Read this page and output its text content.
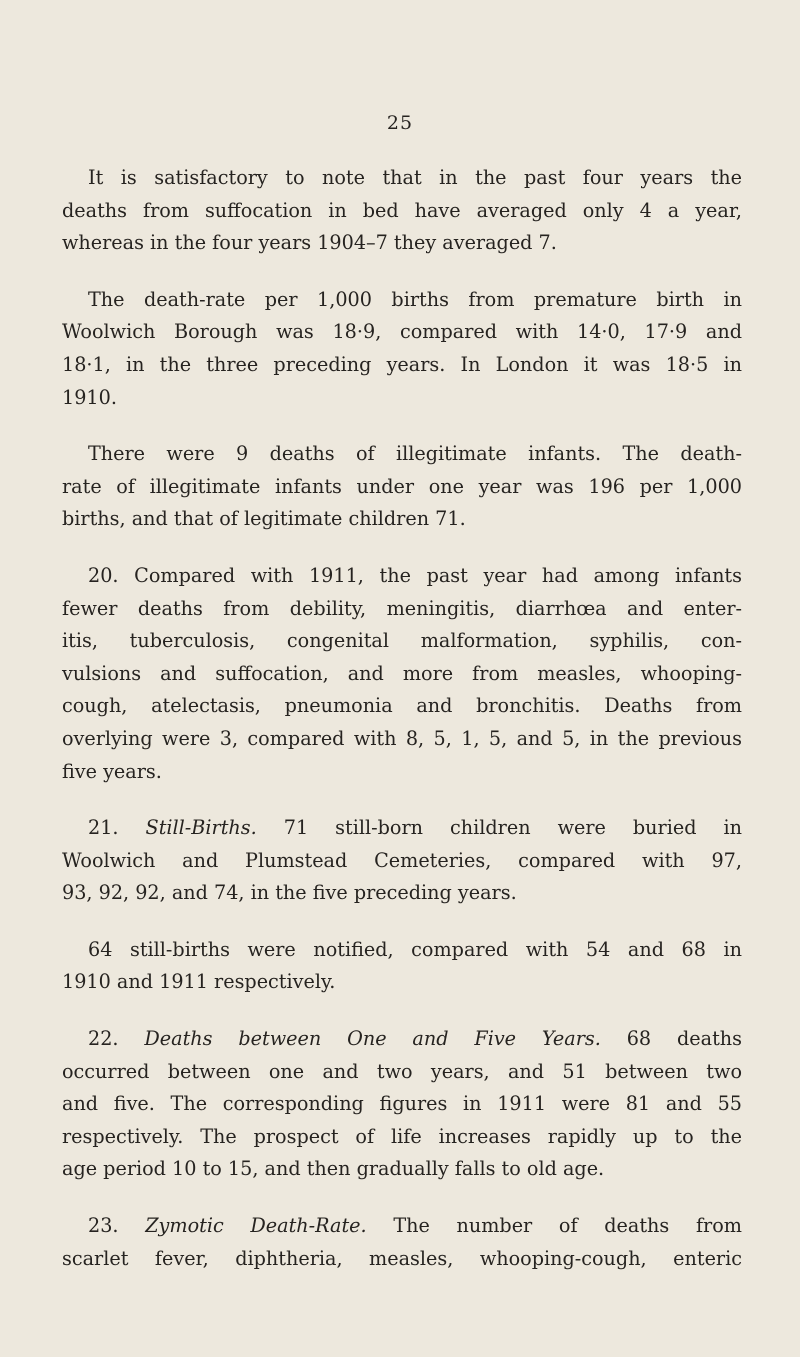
25

It is satisfactory to note that in the past four years the
deaths from suffocation in bed have averaged only 4 a year,
whereas in the four years 1904–7 they averaged 7.

The death-rate per 1,000 births from premature birth in
Woolwich Borough was 18·9, compared with 14·0, 17·9 and
18·1, in the three preceding years. In London it was 18·5 in
1910.

There were 9 deaths of illegitimate infants. The death-
rate of illegitimate infants under one year was 196 per 1,000
births, and that of legitimate children 71.

20. Compared with 1911, the past year had among infants
fewer deaths from debility, meningitis, diarrhœa and enter-
itis, tuberculosis, congenital malformation, syphilis, con-
vulsions and suffocation, and more from measles, whooping-
cough, atelectasis, pneumonia and bronchitis. Deaths from
overlying were 3, compared with 8, 5, 1, 5, and 5, in the previous
five years.

21. Still-Births. 71 still-born children were buried in
Woolwich and Plumstead Cemeteries, compared with 97,
93, 92, 92, and 74, in the five preceding years.

64 still-births were notified, compared with 54 and 68 in
1910 and 1911 respectively.

22. Deaths between One and Five Years. 68 deaths
occurred between one and two years, and 51 between two
and five. The corresponding figures in 1911 were 81 and 55
respectively. The prospect of life increases rapidly up to the
age period 10 to 15, and then gradually falls to old age.

23. Zymotic Death-Rate. The number of deaths from
scarlet fever, diphtheria, measles, whooping-cough, enteric
